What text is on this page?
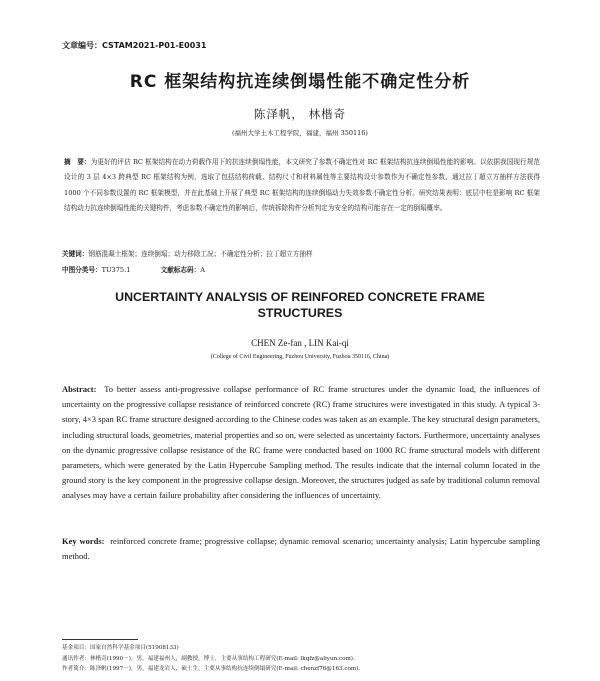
文章编号：CSTAM2021-P01-E0031
RC 框架结构抗连续倒塌性能不确定性分析
陈泽帆， 林楷奇
(福州大学土木工程学院，福建，福州 350116)
摘　要：为更好的评估 RC 框架结构在动力荷载作用下的抗连续倒塌性能，本文研究了参数不确定性对 RC 框架结构抗连续倒塌性能的影响。以依据我国现行规范设计的 3 层 4×3 跨典型 RC 框架结构为例，选取了包括结构荷载、结构尺寸和材料属性等主要结构设计参数作为不确定性参数，通过拉丁超立方抽样方法获得 1000 个不同参数设置的 RC 框架模型，并在此基础上开展了典型 RC 框架结构的连续倒塌动力失效参数不确定性分析。研究结果表明：底层中柱是影响 RC 框架结构动力抗连续倒塌性能的关键构件，考虑参数不确定性的影响后，传统拆除构件分析判定为安全的结构可能存在一定的倒塌概率。
关键词：钢筋混凝土框架；连续倒塌；动力移除工况；不确定性分析；拉丁超立方抽样
中图分类号：TU375.1	文献标志码：A
UNCERTAINTY ANALYSIS OF REINFORED CONCRETE FRAME
STRUCTURES
CHEN Ze-fan , LIN Kai-qi
(College of Civil Engineering, Fuzhou University, Fuzhou 350116, China)
Abstract: To better assess anti-progressive collapse performance of RC frame structures under the dynamic load, the influences of uncertainty on the progressive collapse resistance of reinforced concrete (RC) frame structures were investigated in this study. A typical 3-story, 4×3 span RC frame structure designed according to the Chinese codes was taken as an example. The key structural design parameters, including structural loads, geometries, material properties and so on, were selected as uncertainty factors. Furthermore, uncertainty analyses on the dynamic progressive collapse resistance of the RC frame were conducted based on 1000 RC frame structural models with different parameters, which were generated by the Latin Hypercube Sampling method. The results indicate that the internal column located in the ground story is the key component in the progressive collapse design. Moreover, the structures judged as safe by traditional column removal analyses may have a certain failure probability after considering the influences of uncertainty.
Key words: reinforced concrete frame; progressive collapse; dynamic removal scenario; uncertainty analysis; Latin hypercube sampling method.
基金项目：国家自然科学基金项目(51908133)
通讯作者：林楷奇(1990－)，男，福建福州人，副教授，博士，主要从事结构工程研究(E-mail: lkqfz@aliyun.com).
作者简介：陈泽帆(1997－)，男，福建龙岩人，硕士生，主要从事结构抗连续倒塌研究(E-mail: chenzf76@163.com).
